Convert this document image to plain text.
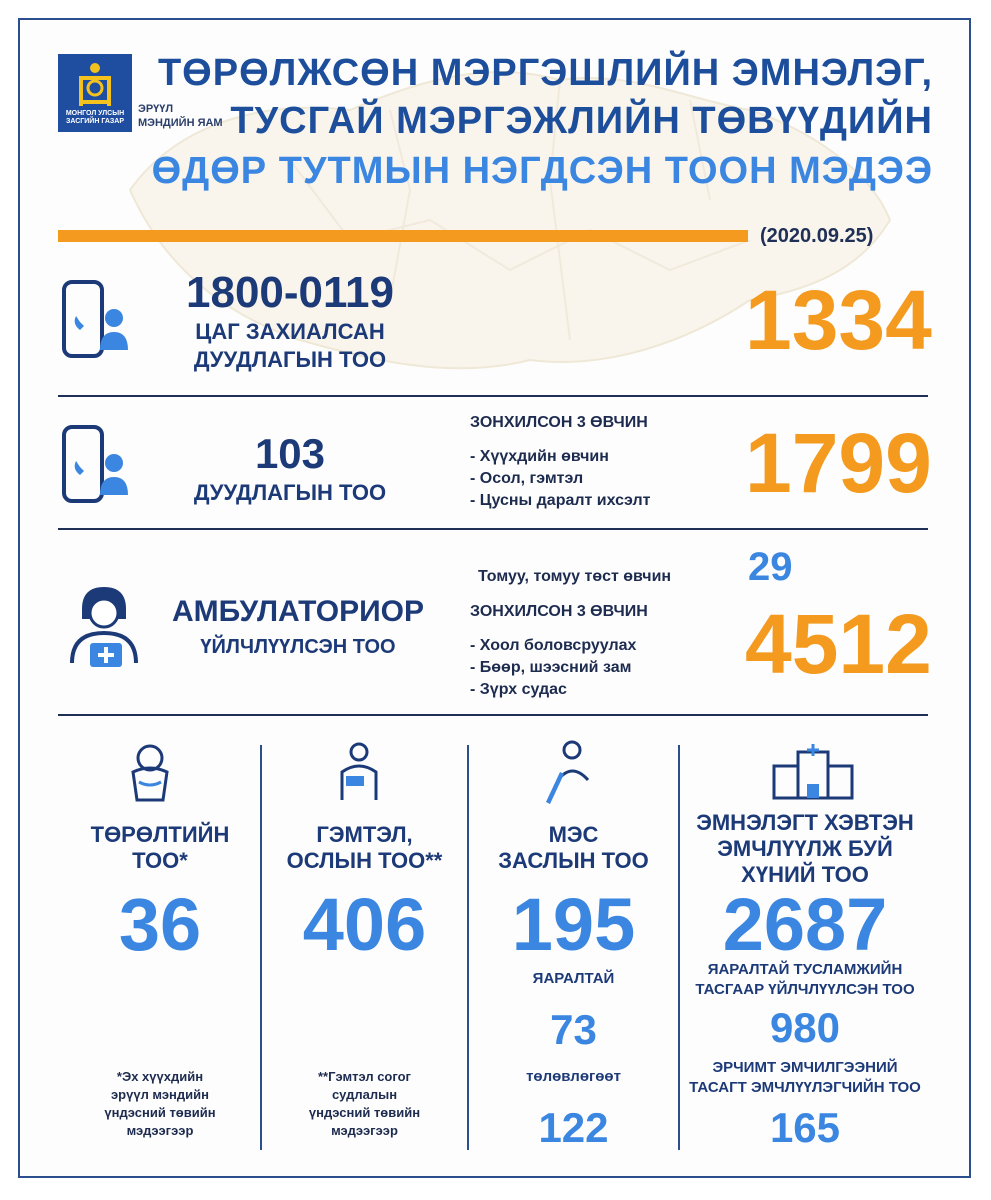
МОНГОЛ УЛСЫН
ЗАСГИЙН ГАЗАР
ЭРҮҮЛ
МЭНДИЙН ЯАМ
ТӨРӨЛЖСӨН МЭРГЭШЛИЙН ЭМНЭЛЭГ,
ТУСГАЙ МЭРГЭЖЛИЙН ТӨВҮҮДИЙН
ӨДӨР ТУТМЫН НЭГДСЭН ТООН МЭДЭЭ
(2020.09.25)
1800-0119
ЦАГ ЗАХИАЛСАН
ДУУДЛАГЫН ТОО	1334
103
ДУУДЛАГЫН ТОО
ЗОНХИЛСОН 3 ӨВЧИН
- Хүүхдийн өвчин
- Осол, гэмтэл
- Цусны даралт ихсэлт 1799
АМБУЛАТОРИОР
ҮЙЛЧЛҮҮЛСЭН ТОО
Томуу, томуу төст өвчин 29
ЗОНХИЛСОН 3 ӨВЧИН
- Хоол боловсруулах
- Бөөр, шээсний зам
- Зүрх судас	4512
ТӨРӨЛТИЙН
ТОО*
36
*Эх хүүхдийн
эрүүл мэндийн
үндэсний төвийн
мэдээгээр
ГЭМТЭЛ,
ОСЛЫН ТОО**
406
**Гэмтэл согог
судлалын
үндэсний төвийн
мэдээгээр
МЭС
ЗАСЛЫН ТОО
195
ЯАРАЛТАЙ
73
төлөвлөгөөт
122
ЭМНЭЛЭГТ ХЭВТЭН
ЭМЧЛҮҮЛЖ БУЙ
ХҮНИЙ ТОО
2687
ЯАРАЛТАЙ ТУСЛАМЖИЙН
ТАСГААР ҮЙЛЧЛҮҮЛСЭН ТОО
980
ЭРЧИМТ ЭМЧИЛГЭЭНИЙ
ТАСАГТ ЭМЧЛҮҮЛЭГЧИЙН ТОО
165
